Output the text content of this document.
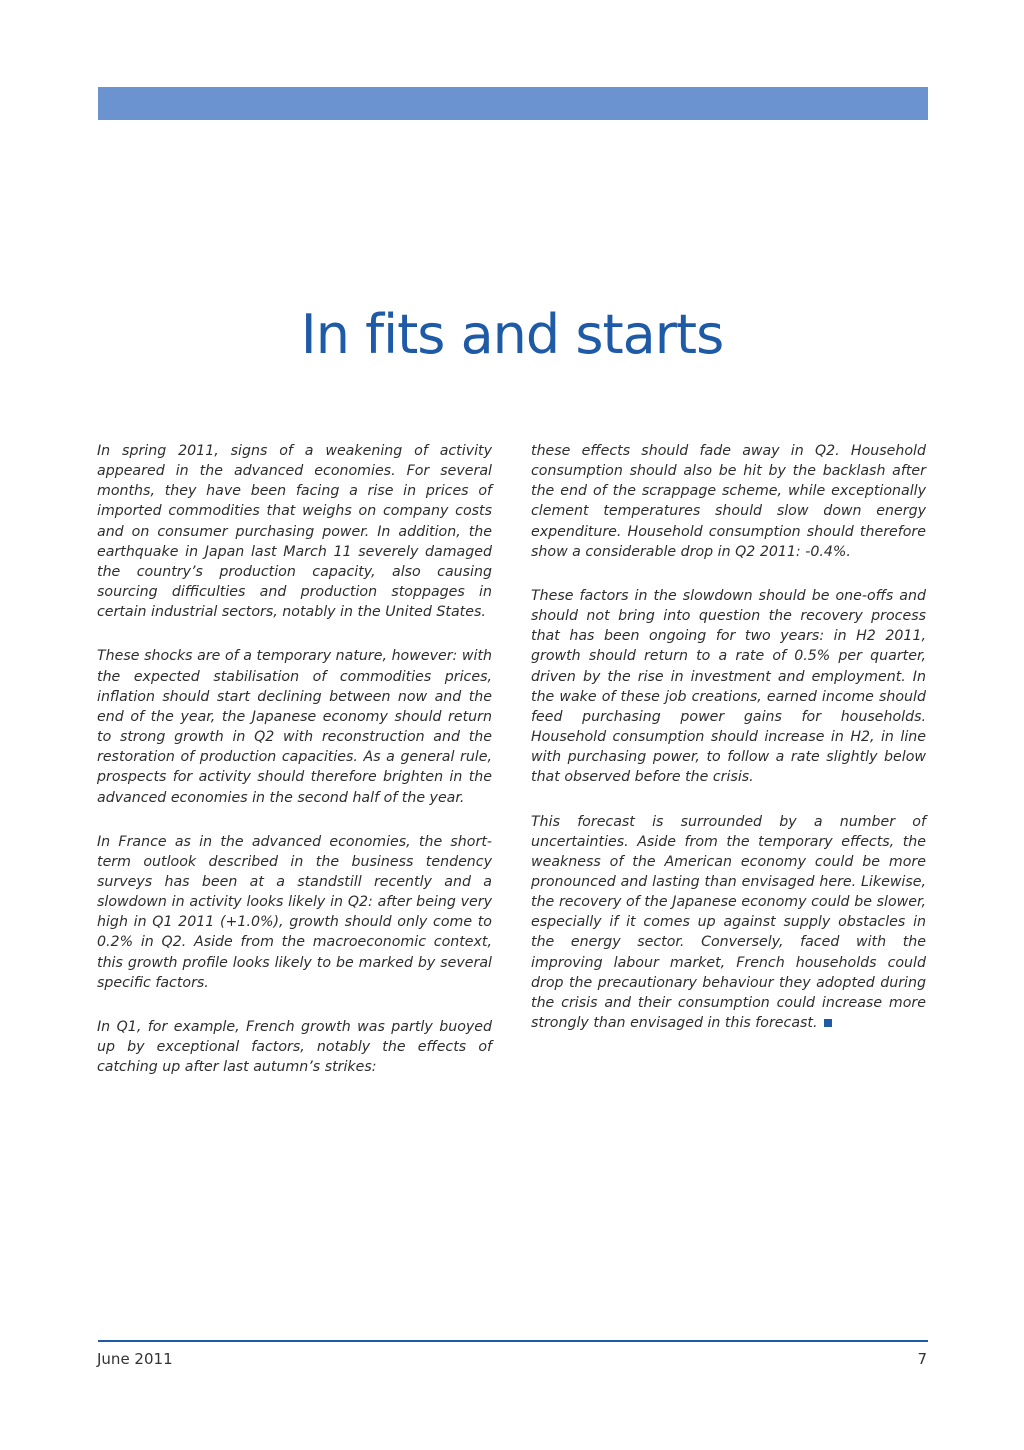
In fits and starts

In spring 2011, signs of a weakening of activity appeared in the advanced economies. For several months, they have been facing a rise in prices of imported commodities that weighs on company costs and on consumer purchasing power. In addition, the earthquake in Japan last March 11 severely damaged the country’s production capacity, also causing sourcing difficulties and production stoppages in certain industrial sectors, notably in the United States.

These shocks are of a temporary nature, however: with the expected stabilisation of commodities prices, inflation should start declining between now and the end of the year, the Japanese economy should return to strong growth in Q2 with reconstruction and the restoration of production capacities. As a general rule, prospects for activity should therefore brighten in the advanced economies in the second half of the year.

In France as in the advanced economies, the short-term outlook described in the business tendency surveys has been at a standstill recently and a slowdown in activity looks likely in Q2: after being very high in Q1 2011 (+1.0%), growth should only come to 0.2% in Q2. Aside from the macroeconomic context, this growth profile looks likely to be marked by several specific factors.

In Q1, for example, French growth was partly buoyed up by exceptional factors, notably the effects of catching up after last autumn’s strikes:

these effects should fade away in Q2. Household consumption should also be hit by the backlash after the end of the scrappage scheme, while exceptionally clement temperatures should slow down energy expenditure. Household consumption should therefore show a considerable drop in Q2 2011: -0.4%.

These factors in the slowdown should be one-offs and should not bring into question the recovery process that has been ongoing for two years: in H2 2011, growth should return to a rate of 0.5% per quarter, driven by the rise in investment and employment. In the wake of these job creations, earned income should feed purchasing power gains for households. Household consumption should increase in H2, in line with purchasing power, to follow a rate slightly below that observed before the crisis.

This forecast is surrounded by a number of uncertainties. Aside from the temporary effects, the weakness of the American economy could be more pronounced and lasting than envisaged here. Likewise, the recovery of the Japanese economy could be slower, especially if it comes up against supply obstacles in the energy sector. Conversely, faced with the improving labour market, French households could drop the precautionary behaviour they adopted during the crisis and their consumption could increase more strongly than envisaged in this forecast.

June 2011	7
